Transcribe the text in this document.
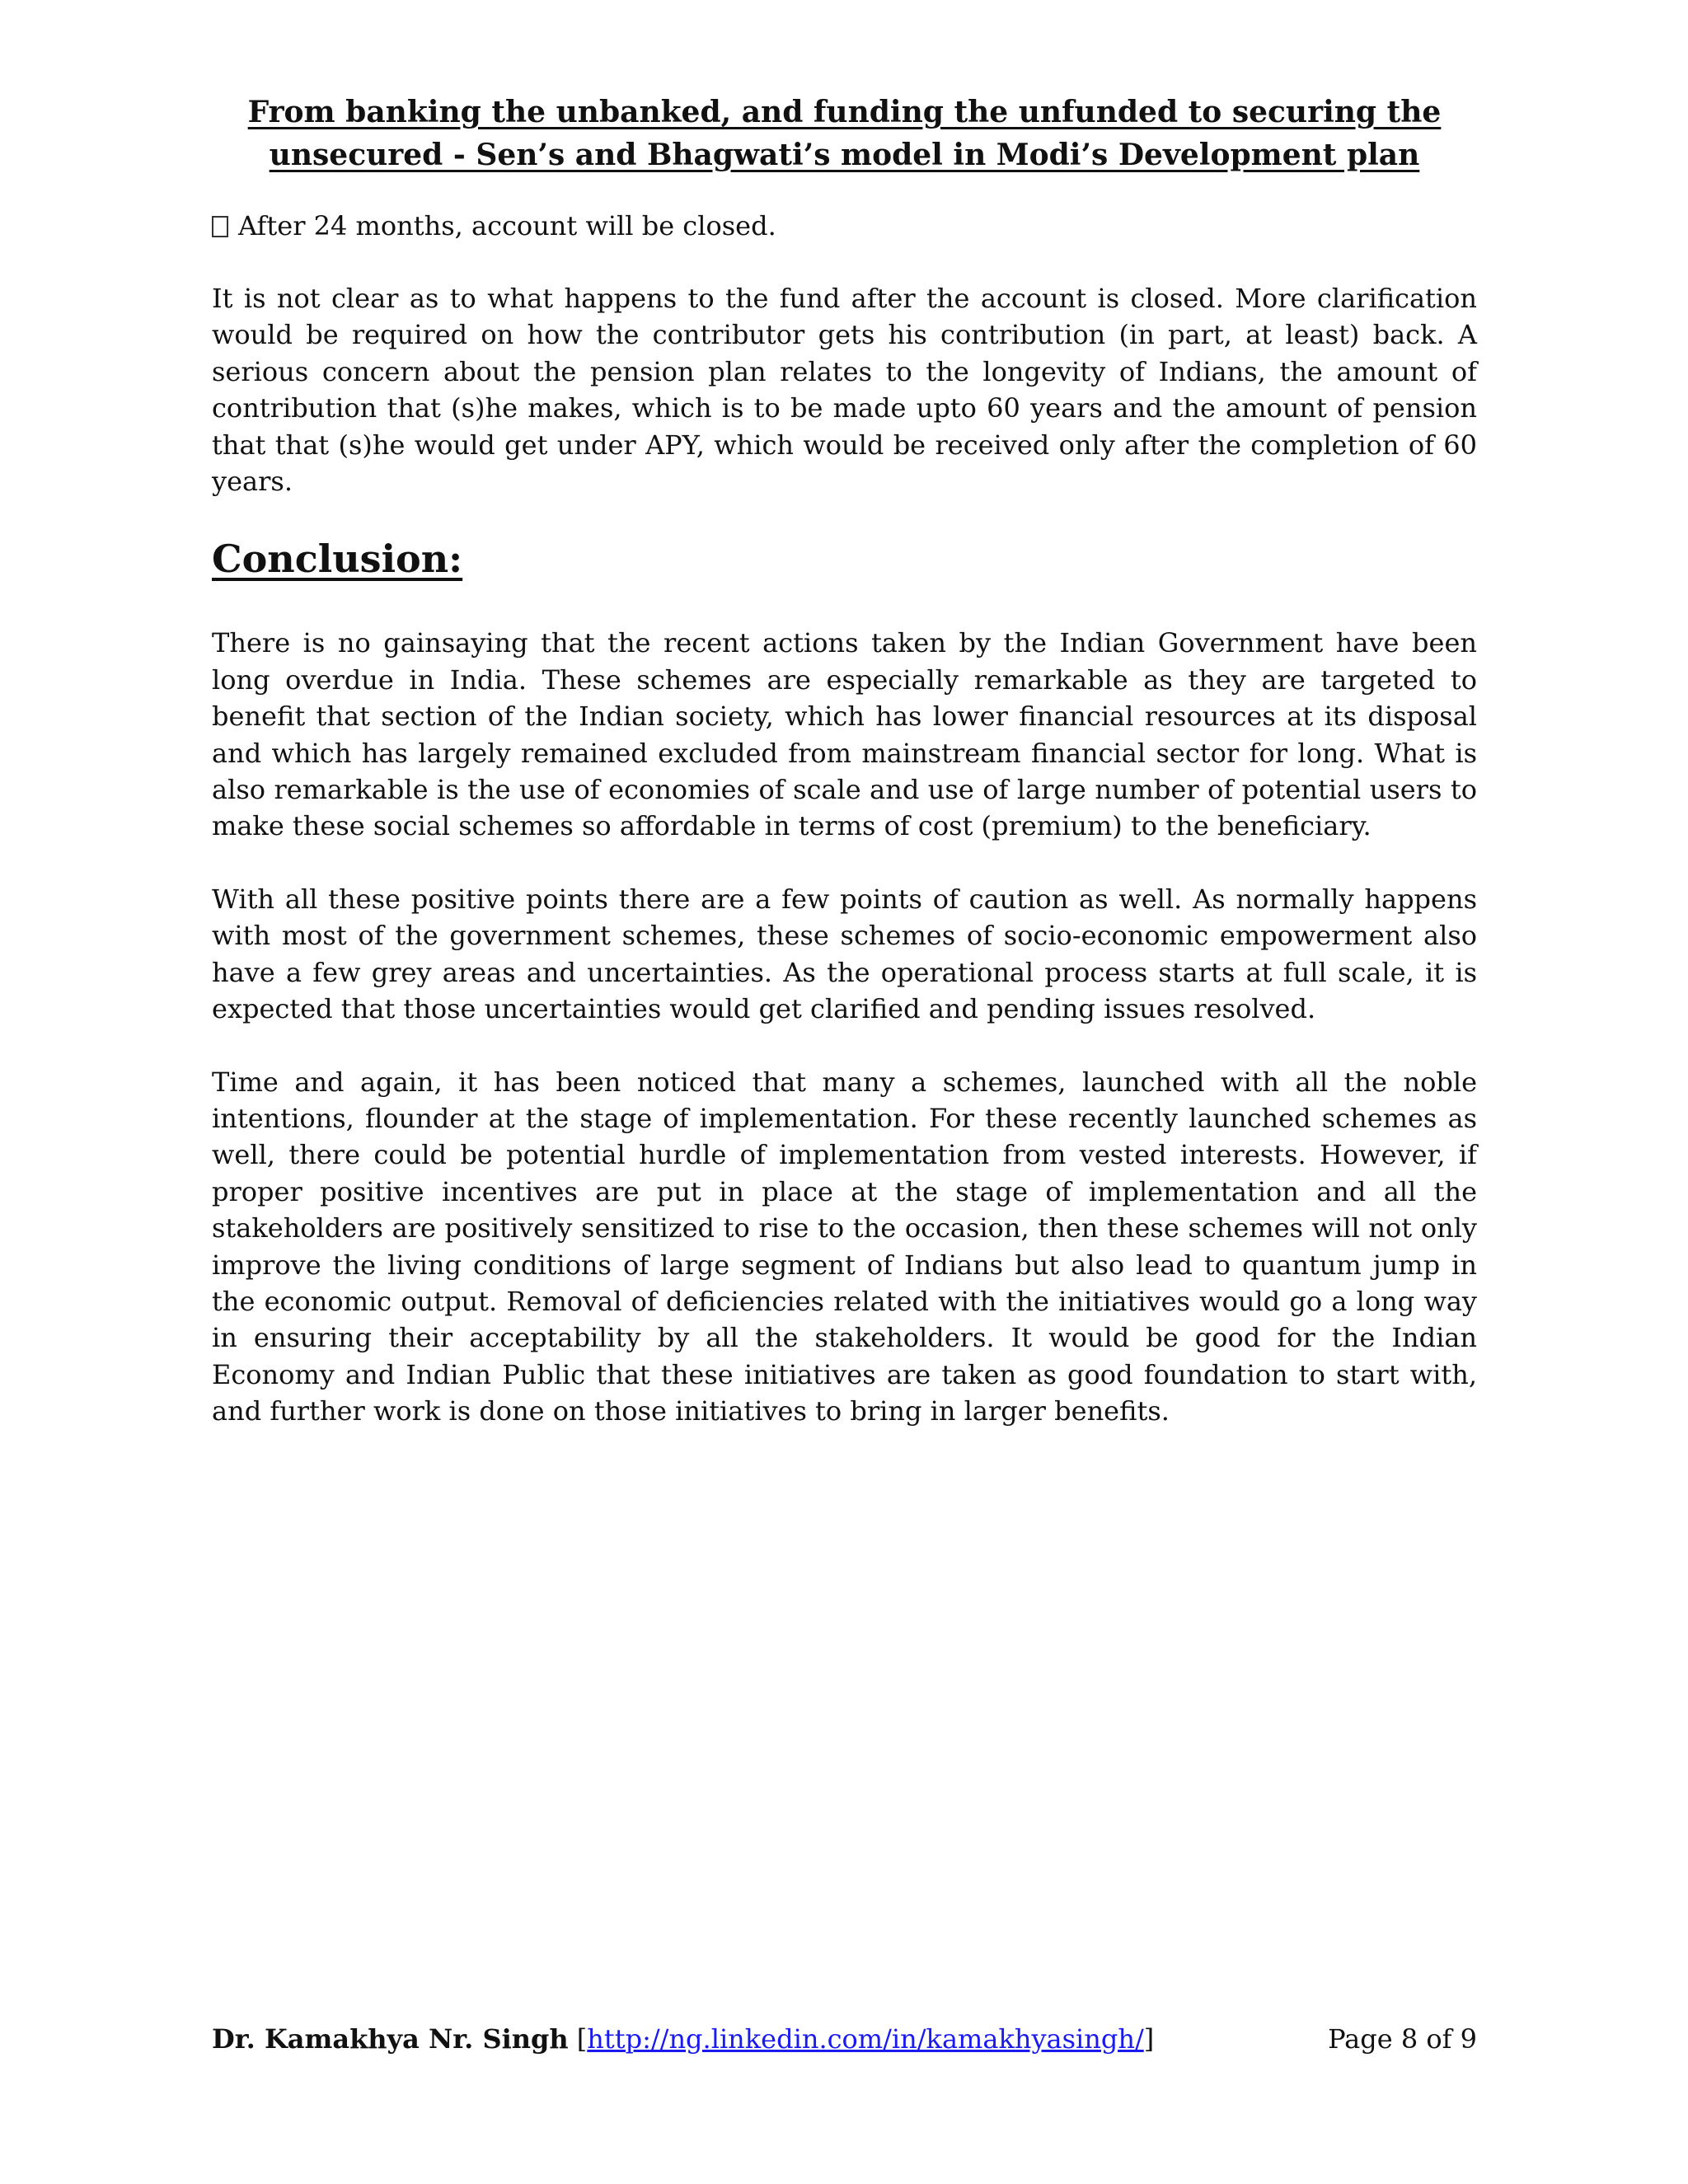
From banking the unbanked, and funding the unfunded to securing the unsecured - Sen’s and Bhagwati’s model in Modi’s Development plan
After 24 months, account will be closed.

It is not clear as to what happens to the fund after the account is closed. More clarification would be required on how the contributor gets his contribution (in part, at least) back. A serious concern about the pension plan relates to the longevity of Indians, the amount of contribution that (s)he makes, which is to be made upto 60 years and the amount of pension that that (s)he would get under APY, which would be received only after the completion of 60 years.

Conclusion:

There is no gainsaying that the recent actions taken by the Indian Government have been long overdue in India. These schemes are especially remarkable as they are targeted to benefit that section of the Indian society, which has lower financial resources at its disposal and which has largely remained excluded from mainstream financial sector for long. What is also remarkable is the use of economies of scale and use of large number of potential users to make these social schemes so affordable in terms of cost (premium) to the beneficiary.

With all these positive points there are a few points of caution as well. As normally happens with most of the government schemes, these schemes of socio-economic empowerment also have a few grey areas and uncertainties. As the operational process starts at full scale, it is expected that those uncertainties would get clarified and pending issues resolved.

Time and again, it has been noticed that many a schemes, launched with all the noble intentions, flounder at the stage of implementation. For these recently launched schemes as well, there could be potential hurdle of implementation from vested interests. However, if proper positive incentives are put in place at the stage of implementation and all the stakeholders are positively sensitized to rise to the occasion, then these schemes will not only improve the living conditions of large segment of Indians but also lead to quantum jump in the economic output. Removal of deficiencies related with the initiatives would go a long way in ensuring their acceptability by all the stakeholders. It would be good for the Indian Economy and Indian Public that these initiatives are taken as good foundation to start with, and further work is done on those initiatives to bring in larger benefits.

Dr. Kamakhya Nr. Singh [http://ng.linkedin.com/in/kamakhyasingh/]	Page 8 of 9
